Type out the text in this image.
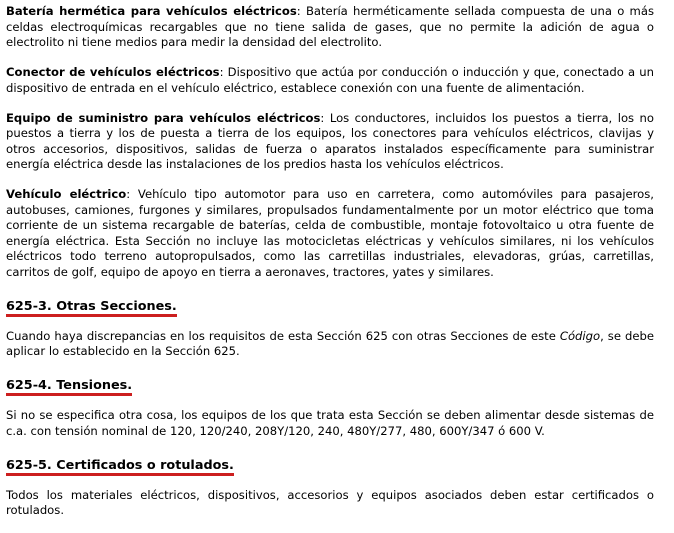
Batería hermética para vehículos eléctricos: Batería herméticamente sellada compuesta de una o más celdas electroquímicas recargables que no tiene salida de gases, que no permite la adición de agua o electrolito ni tiene medios para medir la densidad del electrolito.

Conector de vehículos eléctricos: Dispositivo que actúa por conducción o inducción y que, conectado a un dispositivo de entrada en el vehículo eléctrico, establece conexión con una fuente de alimentación.

Equipo de suministro para vehículos eléctricos: Los conductores, incluidos los puestos a tierra, los no puestos a tierra y los de puesta a tierra de los equipos, los conectores para vehículos eléctricos, clavijas y otros accesorios, dispositivos, salidas de fuerza o aparatos instalados específicamente para suministrar energía eléctrica desde las instalaciones de los predios hasta los vehículos eléctricos.

Vehículo eléctrico: Vehículo tipo automotor para uso en carretera, como automóviles para pasajeros, autobuses, camiones, furgones y similares, propulsados fundamentalmente por un motor eléctrico que toma corriente de un sistema recargable de baterías, celda de combustible, montaje fotovoltaico u otra fuente de energía eléctrica. Esta Sección no incluye las motocicletas eléctricas y vehículos similares, ni los vehículos eléctricos todo terreno autopropulsados, como las carretillas industriales, elevadoras, grúas, carretillas, carritos de golf, equipo de apoyo en tierra a aeronaves, tractores, yates y similares.

625-3. Otras Secciones.

Cuando haya discrepancias en los requisitos de esta Sección 625 con otras Secciones de este Código, se debe aplicar lo establecido en la Sección 625.

625-4. Tensiones.

Si no se especifica otra cosa, los equipos de los que trata esta Sección se deben alimentar desde sistemas de c.a. con tensión nominal de 120, 120/240, 208Y/120, 240, 480Y/277, 480, 600Y/347 ó 600 V.

625-5. Certificados o rotulados.

Todos los materiales eléctricos, dispositivos, accesorios y equipos asociados deben estar certificados o rotulados.
